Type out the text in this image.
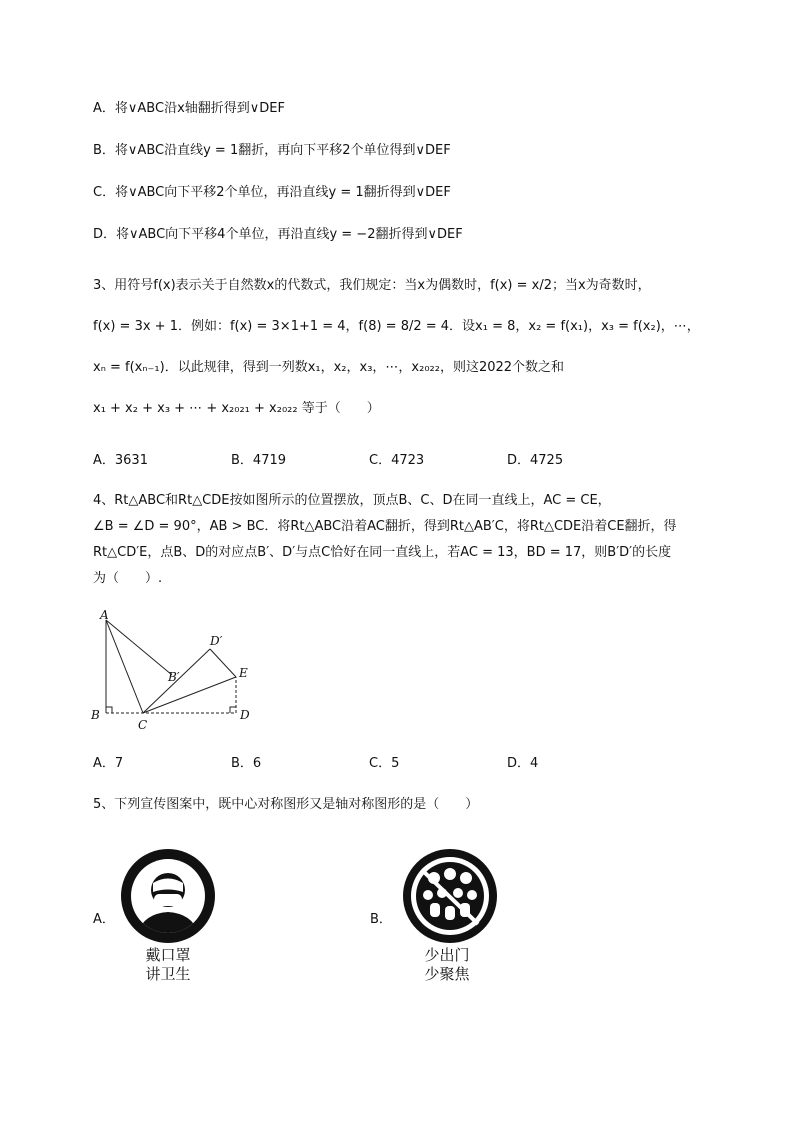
A．将∨ABC沿x轴翻折得到∨DEF
B．将∨ABC沿直线y = 1翻折，再向下平移2个单位得到∨DEF
C．将∨ABC向下平移2个单位，再沿直线y = 1翻折得到∨DEF
D．将∨ABC向下平移4个单位，再沿直线y = −2翻折得到∨DEF
3、用符号f(x)表示关于自然数x的代数式，我们规定：当x为偶数时，f(x) = x/2；当x为奇数时，
f(x) = 3x + 1．例如：f(x) = 3×1+1 = 4，f(8) = 8/2 = 4．设x₁ = 8，x₂ = f(x₁)，x₃ = f(x₂)，⋯，
xₙ = f(xₙ₋₁)．以此规律，得到一列数x₁，x₂，x₃，⋯，x₂₀₂₂，则这2022个数之和
x₁ + x₂ + x₃ + ⋯ + x₂₀₂₁ + x₂₀₂₂ 等于（　　）
A．3631	B．4719	C．4723	D．4725
4、Rt△ABC和Rt△CDE按如图所示的位置摆放，顶点B、C、D在同一直线上，AC = CE，
∠B = ∠D = 90°，AB > BC．将Rt△ABC沿着AC翻折，得到Rt△AB′C，将Rt△CDE沿着CE翻折，得
Rt△CD′E，点B、D的对应点B′、D′与点C恰好在同一直线上，若AC = 13，BD = 17，则B′D′的长度
为（　　）.
A
D′
B′	E
B
C
D
A．7	B．6	C．5	D．4
5、下列宣传图案中，既中心对称图形又是轴对称图形的是（　　）
A．	B．
戴口罩
讲卫生
少出门
少聚焦
